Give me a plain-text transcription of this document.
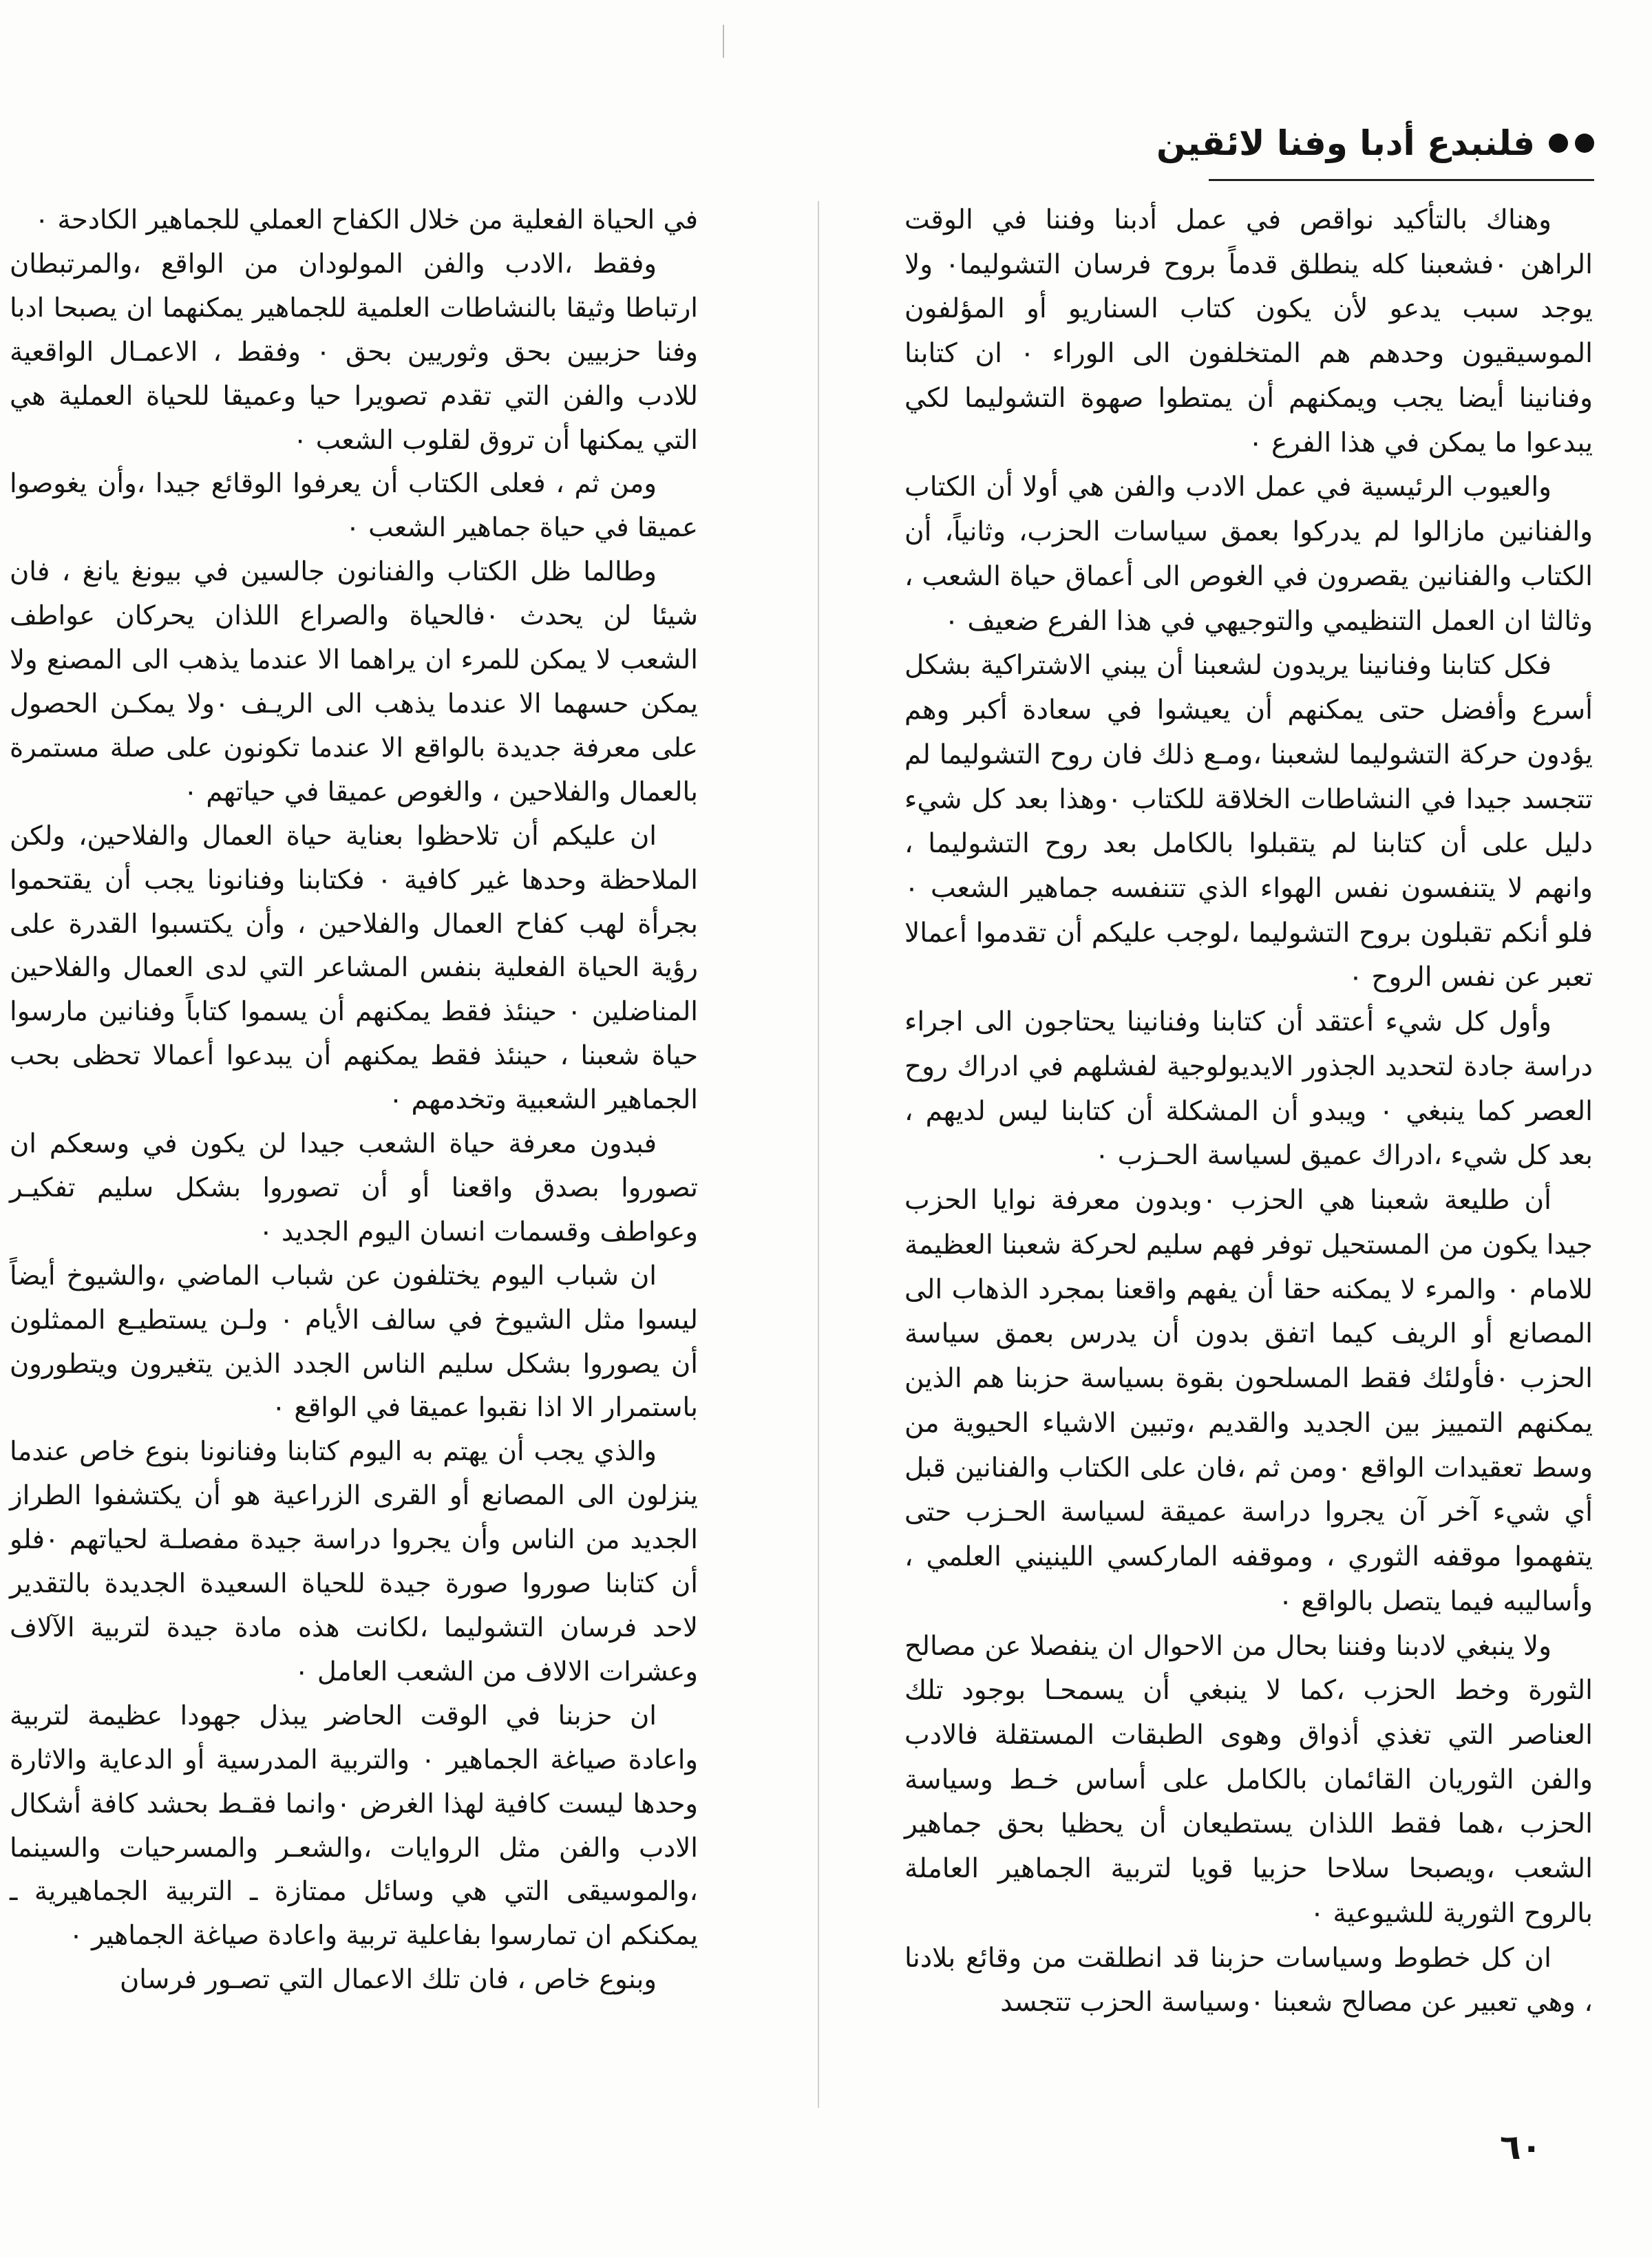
فلنبدع أدبا وفنا لائقين

وهناك بالتأكيد نواقص في عمل أدبنا وفننا في الوقت الراهن ٠فشعبنا كله ينطلق قدماً بروح فرسان التشوليما٠ ولا يوجد سبب يدعو لأن يكون كتاب السناريو أو المؤلفون الموسيقيون وحدهم هم المتخلفون الى الوراء ٠ ان كتابنا وفنانينا أيضا يجب ويمكنهم أن يمتطوا صهوة التشوليما لكي يبدعوا ما يمكن في هذا الفرع ٠

والعيوب الرئيسية في عمل الادب والفن هي أولا أن الكتاب والفنانين مازالوا لم يدركوا بعمق سياسات الحزب، وثانياً، أن الكتاب والفنانين يقصرون في الغوص الى أعماق حياة الشعب ، وثالثا ان العمل التنظيمي والتوجيهي في هذا الفرع ضعيف ٠

فكل كتابنا وفنانينا يريدون لشعبنا أن يبني الاشتراكية بشكل أسرع وأفضل حتى يمكنهم أن يعيشوا في سعادة أكبر وهم يؤدون حركة التشوليما لشعبنا ،ومـع ذلك فان روح التشوليما لم تتجسد جيدا في النشاطات الخلاقة للكتاب ٠وهذا بعد كل شيء دليل على أن كتابنا لم يتقبلوا بالكامل بعد روح التشوليما ، وانهم لا يتنفسون نفس الهواء الذي تتنفسه جماهير الشعب ٠ فلو أنكم تقبلون بروح التشوليما ،لوجب عليكم أن تقدموا أعمالا تعبر عن نفس الروح ٠

وأول كل شيء أعتقد أن كتابنا وفنانينا يحتاجون الى اجراء دراسة جادة لتحديد الجذور الايديولوجية لفشلهم في ادراك روح العصر كما ينبغي ٠ ويبدو أن المشكلة أن كتابنا ليس لديهم ، بعد كل شيء ،ادراك عميق لسياسة الحـزب ٠

أن طليعة شعبنا هي الحزب ٠وبدون معرفة نوايا الحزب جيدا يكون من المستحيل توفر فهم سليم لحركة شعبنا العظيمة للامام ٠ والمرء لا يمكنه حقا أن يفهم واقعنا بمجرد الذهاب الى المصانع أو الريف كيما اتفق بدون أن يدرس بعمق سياسة الحزب ٠فأولئك فقط المسلحون بقوة بسياسة حزبنا هم الذين يمكنهم التمييز بين الجديد والقديم ،وتبين الاشياء الحيوية من وسط تعقيدات الواقع ٠ومن ثم ،فان على الكتاب والفنانين قبل أي شيء آخر آن يجروا دراسة عميقة لسياسة الحـزب حتى يتفهموا موقفه الثوري ، وموقفه الماركسي اللينيني العلمي ، وأساليبه فيما يتصل بالواقع ٠

ولا ينبغي لادبنا وفننا بحال من الاحوال ان ينفصلا عن مصالح الثورة وخط الحزب ،كما لا ينبغي أن يسمحـا بوجود تلك العناصر التي تغذي أذواق وهوى الطبقات المستقلة فالادب والفن الثوريان القائمان بالكامل على أساس خـط وسياسة الحزب ،هما فقط اللذان يستطيعان أن يحظيا بحق جماهير الشعب ،ويصبحا سلاحا حزبيا قويا لتربية الجماهير العاملة بالروح الثورية للشيوعية ٠

ان كل خطوط وسياسات حزبنا قد انطلقت من وقائع بلادنا ، وهي تعبير عن مصالح شعبنا ٠وسياسة الحزب تتجسد

في الحياة الفعلية من خلال الكفاح العملي للجماهير الكادحة ٠

وفقط ،الادب والفن المولودان من الواقع ،والمرتبطان ارتباطا وثيقا بالنشاطات العلمية للجماهير يمكنهما ان يصبحا ادبا وفنا حزبيين بحق وثوريين بحق ٠ وفقط ، الاعمـال الواقعية للادب والفن التي تقدم تصويرا حيا وعميقا للحياة العملية هي التي يمكنها أن تروق لقلوب الشعب ٠

ومن ثم ، فعلى الكتاب أن يعرفوا الوقائع جيدا ،وأن يغوصوا عميقا في حياة جماهير الشعب ٠

وطالما ظل الكتاب والفنانون جالسين في بيونغ يانغ ، فان شيئا لن يحدث ٠فالحياة والصراع اللذان يحركان عواطف الشعب لا يمكن للمرء ان يراهما الا عندما يذهب الى المصنع ولا يمكن حسهما الا عندما يذهب الى الريـف ٠ولا يمكـن الحصول على معرفة جديدة بالواقع الا عندما تكونون على صلة مستمرة بالعمال والفلاحين ، والغوص عميقا في حياتهم ٠

ان عليكم أن تلاحظوا بعناية حياة العمال والفلاحين، ولكن الملاحظة وحدها غير كافية ٠ فكتابنا وفنانونا يجب أن يقتحموا بجرأة لهب كفاح العمال والفلاحين ، وأن يكتسبوا القدرة على رؤية الحياة الفعلية بنفس المشاعر التي لدى العمال والفلاحين المناضلين ٠ حينئذ فقط يمكنهم أن يسموا كتاباً وفنانين مارسوا حياة شعبنا ، حينئذ فقط يمكنهم أن يبدعوا أعمالا تحظى بحب الجماهير الشعبية وتخدمهم ٠

فبدون معرفة حياة الشعب جيدا لن يكون في وسعكم ان تصوروا بصدق واقعنا أو أن تصوروا بشكل سليم تفكيـر وعواطف وقسمات انسان اليوم الجديد ٠

ان شباب اليوم يختلفون عن شباب الماضي ،والشيوخ أيضاً ليسوا مثل الشيوخ في سالف الأيام ٠ ولـن يستطيـع الممثلون أن يصوروا بشكل سليم الناس الجدد الذين يتغيرون ويتطورون باستمرار الا اذا نقبوا عميقا في الواقع ٠

والذي يجب أن يهتم به اليوم كتابنا وفنانونا بنوع خاص عندما ينزلون الى المصانع أو القرى الزراعية هو أن يكتشفوا الطراز الجديد من الناس وأن يجروا دراسة جيدة مفصلـة لحياتهم ٠فلو أن كتابنا صوروا صورة جيدة للحياة السعيدة الجديدة بالتقدير لاحد فرسان التشوليما ،لكانت هذه مادة جيدة لتربية الآلاف وعشرات الالاف من الشعب العامل ٠

ان حزبنا في الوقت الحاضر يبذل جهودا عظيمة لتربية واعادة صياغة الجماهير ٠ والتربية المدرسية أو الدعاية والاثارة وحدها ليست كافية لهذا الغرض ٠وانما فقـط بحشد كافة أشكال الادب والفن مثل الروايات ،والشعـر والمسرحيات والسينما ،والموسيقى التي هي وسائل ممتازة ـ التربية الجماهيرية ـ يمكنكم ان تمارسوا بفاعلية تربية واعادة صياغة الجماهير ٠

وبنوع خاص ، فان تلك الاعمال التي تصـور فرسان

٦٠
